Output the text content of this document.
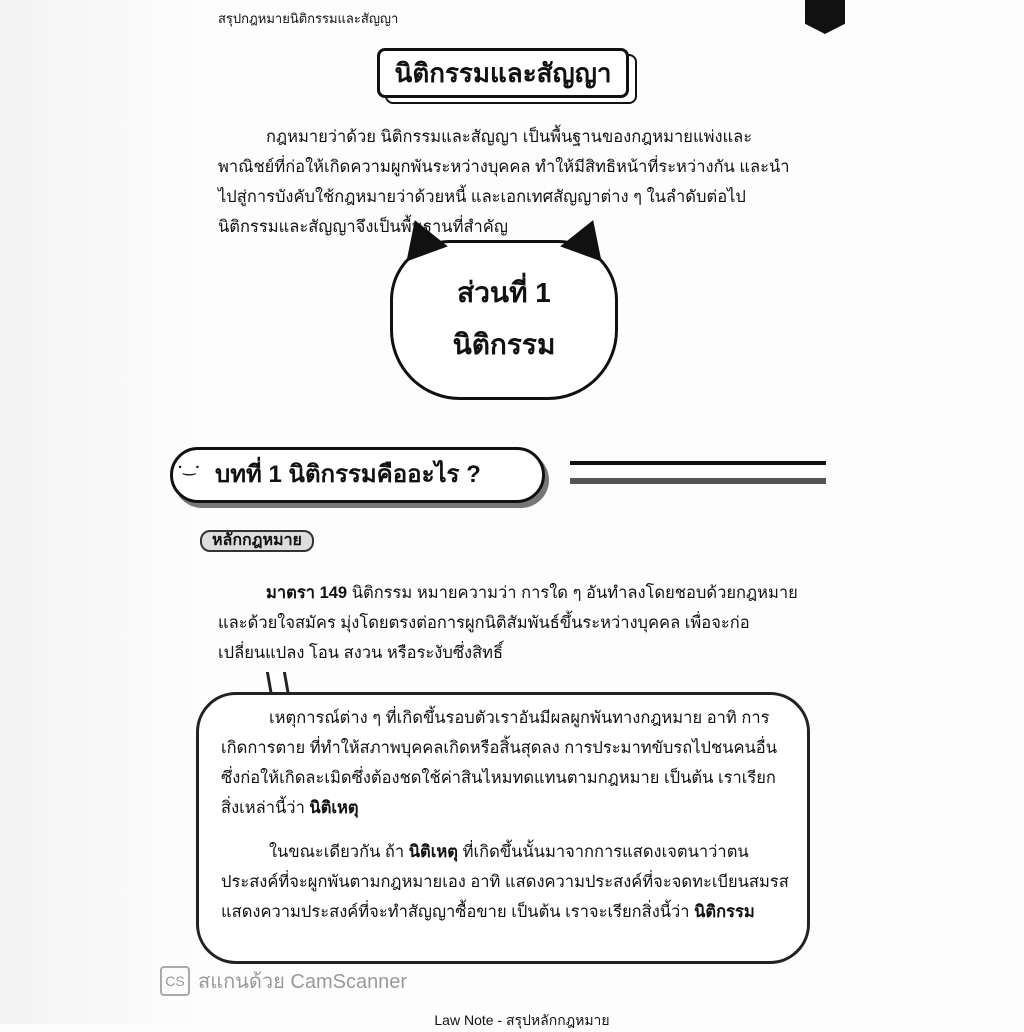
สรุปกฎหมายนิติกรรมและสัญญา
นิติกรรมและสัญญา

กฎหมายว่าด้วย นิติกรรมและสัญญา เป็นพื้นฐานของกฎหมายแพ่งและพาณิชย์ที่ก่อให้เกิดความผูกพันระหว่างบุคคล ทำให้มีสิทธิหน้าที่ระหว่างกัน และนำไปสู่การบังคับใช้กฎหมายว่าด้วยหนี้ และเอกเทศสัญญาต่าง ๆ ในลำดับต่อไป นิติกรรมและสัญญาจึงเป็นพื้นฐานที่สำคัญ

ส่วนที่ 1
นิติกรรม
บทที่ 1 นิติกรรมคืออะไร ?
·‿·
หลักกฎหมาย

มาตรา 149 นิติกรรม หมายความว่า การใด ๆ อันทำลงโดยชอบด้วยกฎหมายและด้วยใจสมัคร มุ่งโดยตรงต่อการผูกนิติสัมพันธ์ขึ้นระหว่างบุคคล เพื่อจะก่อเปลี่ยนแปลง โอน สงวน หรือระงับซึ่งสิทธิ์

เหตุการณ์ต่าง ๆ ที่เกิดขึ้นรอบตัวเราอันมีผลผูกพันทางกฎหมาย อาทิ การเกิดการตาย ที่ทำให้สภาพบุคคลเกิดหรือสิ้นสุดลง การประมาทขับรถไปชนคนอื่นซึ่งก่อให้เกิดละเมิดซึ่งต้องชดใช้ค่าสินไหมทดแทนตามกฎหมาย เป็นต้น เราเรียกสิ่งเหล่านี้ว่า นิติเหตุ

ในขณะเดียวกัน ถ้า นิติเหตุ ที่เกิดขึ้นนั้นมาจากการแสดงเจตนาว่าตนประสงค์ที่จะผูกพันตามกฎหมายเอง อาทิ แสดงความประสงค์ที่จะจดทะเบียนสมรส แสดงความประสงค์ที่จะทำสัญญาซื้อขาย เป็นต้น เราจะเรียกสิ่งนี้ว่า นิติกรรม

CS สแกนด้วย CamScanner
Law Note - สรุปหลักกฎหมาย
